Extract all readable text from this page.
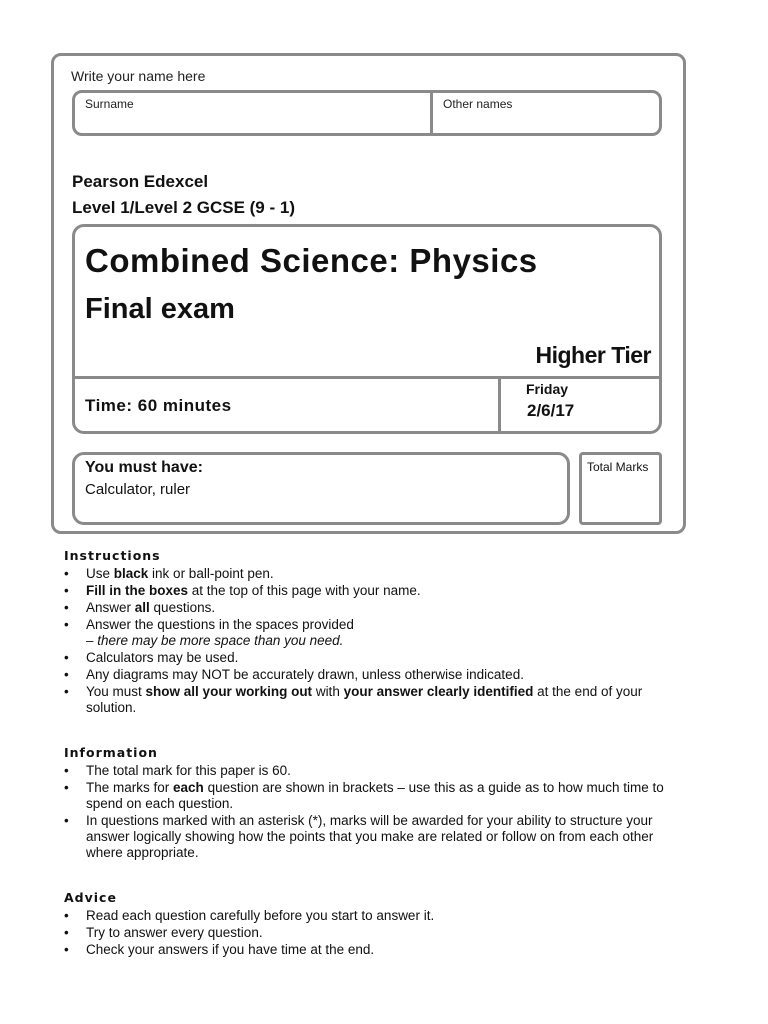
Write your name here
Surname	Other names
Pearson Edexcel
Level 1/Level 2 GCSE (9 - 1)
Combined Science: Physics
Final exam
Higher Tier
Time: 60 minutes
Friday
2/6/17
You must have:
Calculator, ruler
Total Marks
Instructions
• Use black ink or ball-point pen.
• Fill in the boxes at the top of this page with your name.
• Answer all questions.
• Answer the questions in the spaces provided
– there may be more space than you need.
• Calculators may be used.
• Any diagrams may NOT be accurately drawn, unless otherwise indicated.
• You must show all your working out with your answer clearly identified at the end of your solution.
Information
• The total mark for this paper is 60.
• The marks for each question are shown in brackets – use this as a guide as to how much time to spend on each question.
• In questions marked with an asterisk (*), marks will be awarded for your ability to structure your answer logically showing how the points that you make are related or follow on from each other where appropriate.
Advice
• Read each question carefully before you start to answer it.
• Try to answer every question.
• Check your answers if you have time at the end.
